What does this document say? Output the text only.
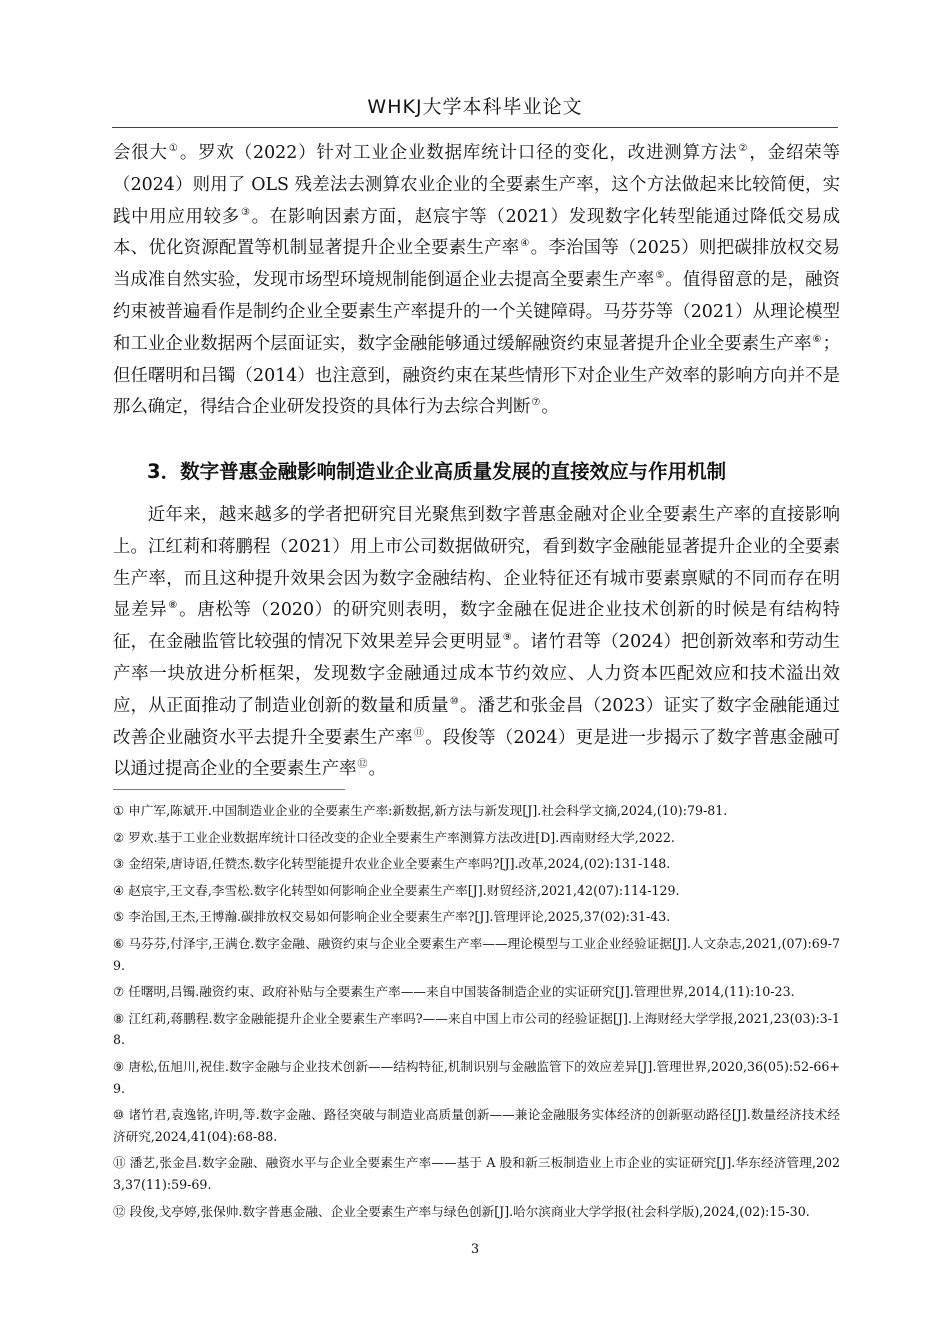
WHKJ大学本科毕业论文

会很大①。罗欢（2022）针对工业企业数据库统计口径的变化，改进测算方法②，金绍荣等（2024）则用了 OLS 残差法去测算农业企业的全要素生产率，这个方法做起来比较简便，实践中用应用较多③。在影响因素方面，赵宸宇等（2021）发现数字化转型能通过降低交易成本、优化资源配置等机制显著提升企业全要素生产率④。李治国等（2025）则把碳排放权交易当成准自然实验，发现市场型环境规制能倒逼企业去提高全要素生产率⑤。值得留意的是，融资约束被普遍看作是制约企业全要素生产率提升的一个关键障碍。马芬芬等（2021）从理论模型和工业企业数据两个层面证实，数字金融能够通过缓解融资约束显著提升企业全要素生产率⑥；但任曙明和吕镯（2014）也注意到，融资约束在某些情形下对企业生产效率的影响方向并不是那么确定，得结合企业研发投资的具体行为去综合判断⑦。

3．数字普惠金融影响制造业企业高质量发展的直接效应与作用机制

近年来，越来越多的学者把研究目光聚焦到数字普惠金融对企业全要素生产率的直接影响上。江红莉和蒋鹏程（2021）用上市公司数据做研究，看到数字金融能显著提升企业的全要素生产率，而且这种提升效果会因为数字金融结构、企业特征还有城市要素禀赋的不同而存在明显差异⑧。唐松等（2020）的研究则表明，数字金融在促进企业技术创新的时候是有结构特征，在金融监管比较强的情况下效果差异会更明显⑨。诸竹君等（2024）把创新效率和劳动生产率一块放进分析框架，发现数字金融通过成本节约效应、人力资本匹配效应和技术溢出效应，从正面推动了制造业创新的数量和质量⑩。潘艺和张金昌（2023）证实了数字金融能通过改善企业融资水平去提升全要素生产率⑪。段俊等（2024）更是进一步揭示了数字普惠金融可以通过提高企业的全要素生产率⑫。

① 申广军,陈斌开.中国制造业企业的全要素生产率:新数据,新方法与新发现[J].社会科学文摘,2024,(10):79-81.
② 罗欢.基于工业企业数据库统计口径改变的企业全要素生产率测算方法改进[D].西南财经大学,2022.
③ 金绍荣,唐诗语,任赞杰.数字化转型能提升农业企业全要素生产率吗?[J].改革,2024,(02):131-148.
④ 赵宸宇,王文春,李雪松.数字化转型如何影响企业全要素生产率[J].财贸经济,2021,42(07):114-129.
⑤ 李治国,王杰,王博瀚.碳排放权交易如何影响企业全要素生产率?[J].管理评论,2025,37(02):31-43.
⑥ 马芬芬,付泽宇,王满仓.数字金融、融资约束与企业全要素生产率——理论模型与工业企业经验证据[J].人文杂志,2021,(07):69-79.
⑦ 任曙明,吕镯.融资约束、政府补贴与全要素生产率——来自中国装备制造企业的实证研究[J].管理世界,2014,(11):10-23.
⑧ 江红莉,蒋鹏程.数字金融能提升企业全要素生产率吗?——来自中国上市公司的经验证据[J].上海财经大学学报,2021,23(03):3-18.
⑨ 唐松,伍旭川,祝佳.数字金融与企业技术创新——结构特征,机制识别与金融监管下的效应差异[J].管理世界,2020,36(05):52-66+9.
⑩ 诸竹君,袁逸铭,许明,等.数字金融、路径突破与制造业高质量创新——兼论金融服务实体经济的创新驱动路径[J].数量经济技术经济研究,2024,41(04):68-88.
⑪ 潘艺,张金昌.数字金融、融资水平与企业全要素生产率——基于 A 股和新三板制造业上市企业的实证研究[J].华东经济管理,2023,37(11):59-69.
⑫ 段俊,戈亭婷,张保帅.数字普惠金融、企业全要素生产率与绿色创新[J].哈尔滨商业大学学报(社会科学版),2024,(02):15-30.
3
